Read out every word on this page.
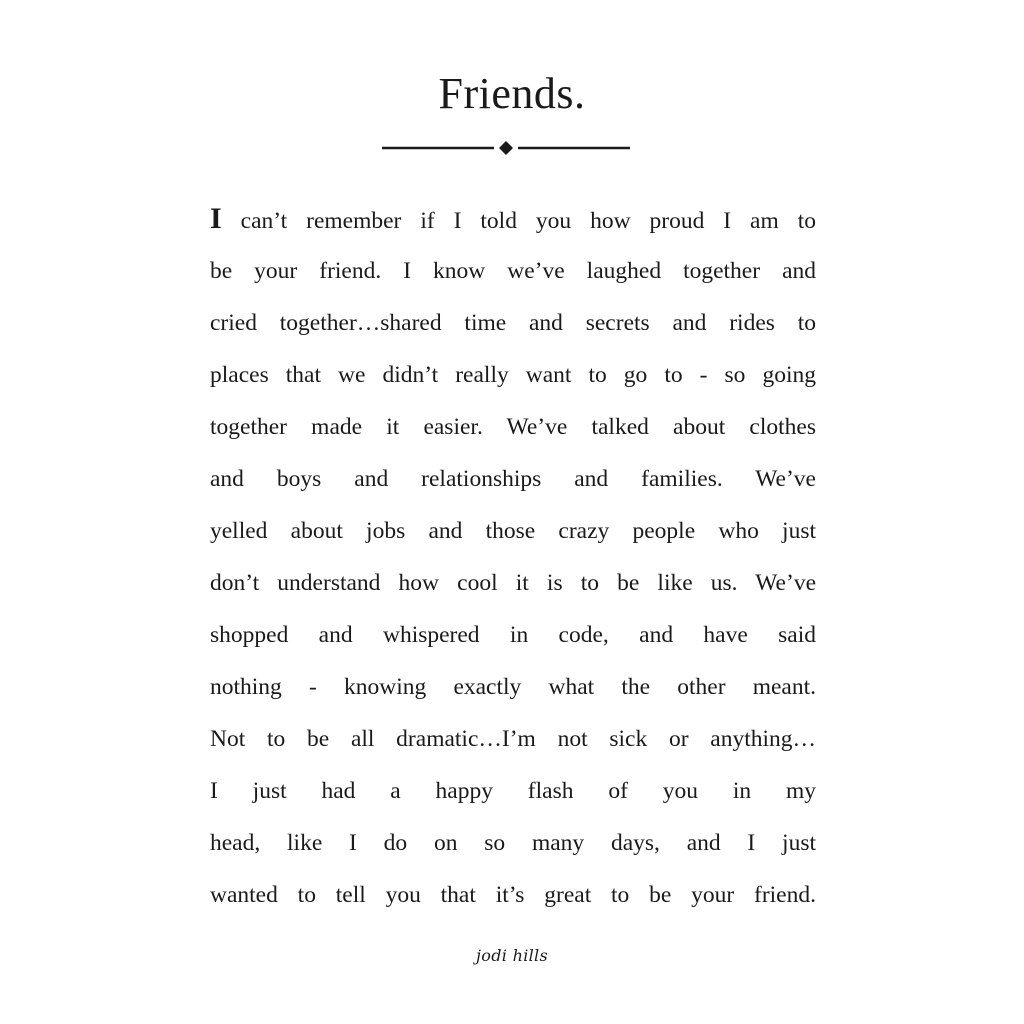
Friends.
I can’t remember if I told you how proud I am to
be your friend. I know we’ve laughed together and
cried together…shared time and secrets and rides to
places that we didn’t really want to go to - so going
together made it easier. We’ve talked about clothes
and boys and relationships and families. We’ve
yelled about jobs and those crazy people who just
don’t understand how cool it is to be like us. We’ve
shopped and whispered in code, and have said
nothing - knowing exactly what the other meant.
Not to be all dramatic…I’m not sick or anything…
I just had a happy flash of you in my
head, like I do on so many days, and I just
wanted to tell you that it’s great to be your friend.
jodi hills
